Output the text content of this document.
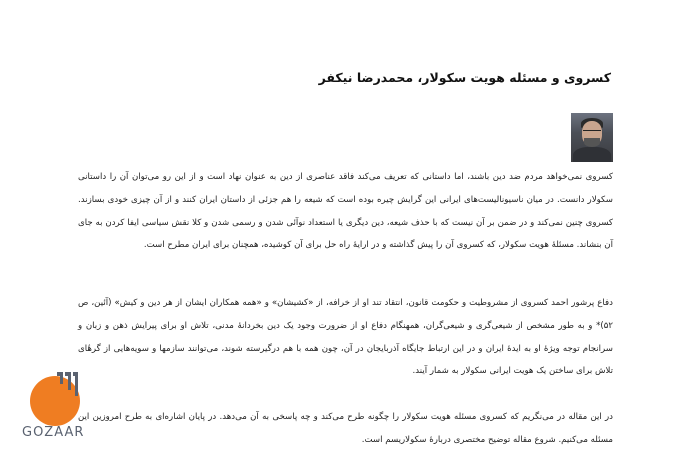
کسروی و مسئله هویت سکولار، محمدرضا نیکفر

کسروی نمی‌خواهد مردم ضد دین باشند، اما داستانی که تعریف می‌کند فاقد عناصری از دین به عنوان نهاد است و از این رو می‌توان آن را داستانی سکولار دانست. در میان ناسیونالیست‌های ایرانی این گرایش چیره بوده است که شیعه را هم جزئی از داستان ایران کنند و از آن چیزی خودی بسازند. کسروی چنین نمی‌کند و در ضمن بر آن نیست که با حذف شیعه، دین دیگری یا استعداد نوآئی شدن و رسمی شدن و کلا نقش سیاسی ایفا کردن به جای آن بنشاند. مسئلهٔ هویت سکولار، که کسروی آن را پیش گذاشته و در ارایهٔ راه حل برای آن کوشیده، همچنان برای ایران مطرح است.

دفاع پرشور احمد کسروی از مشروطیت و حکومت قانون، انتقاد تند او از خرافه، از «کشیشان» و «همه همکاران ایشان از هر دین و کیش» (آئین، ص ۵۲)* و به طور مشخص از شیعی‌گری و شیعی‌گران، همهنگام دفاع او از ضرورت وجود یک دین بخردانهٔ مدنی، تلاش او برای پیرایش ذهن و زبان و سرانجام توجه ویژهٔ او به ایدهٔ ایران و در این ارتباط جایگاه آذربایجان در آن، چون همه با هم درگیرسته شوند، می‌توانند سازمها و سویه‌هایی از گرهٔای تلاش برای ساختن یک هویت ایرانی سکولار به شمار آیند.

در این مقاله در می‌نگریم که کسروی مسئله هویت سکولار را چگونه طرح می‌کند و چه پاسخی به آن می‌دهد. در پایان اشاره‌ای به طرح امروزین این مسئله می‌کنیم. شروع مقاله توضیح مختصری دربارهٔ سکولاریسم است.

GOZAAR
